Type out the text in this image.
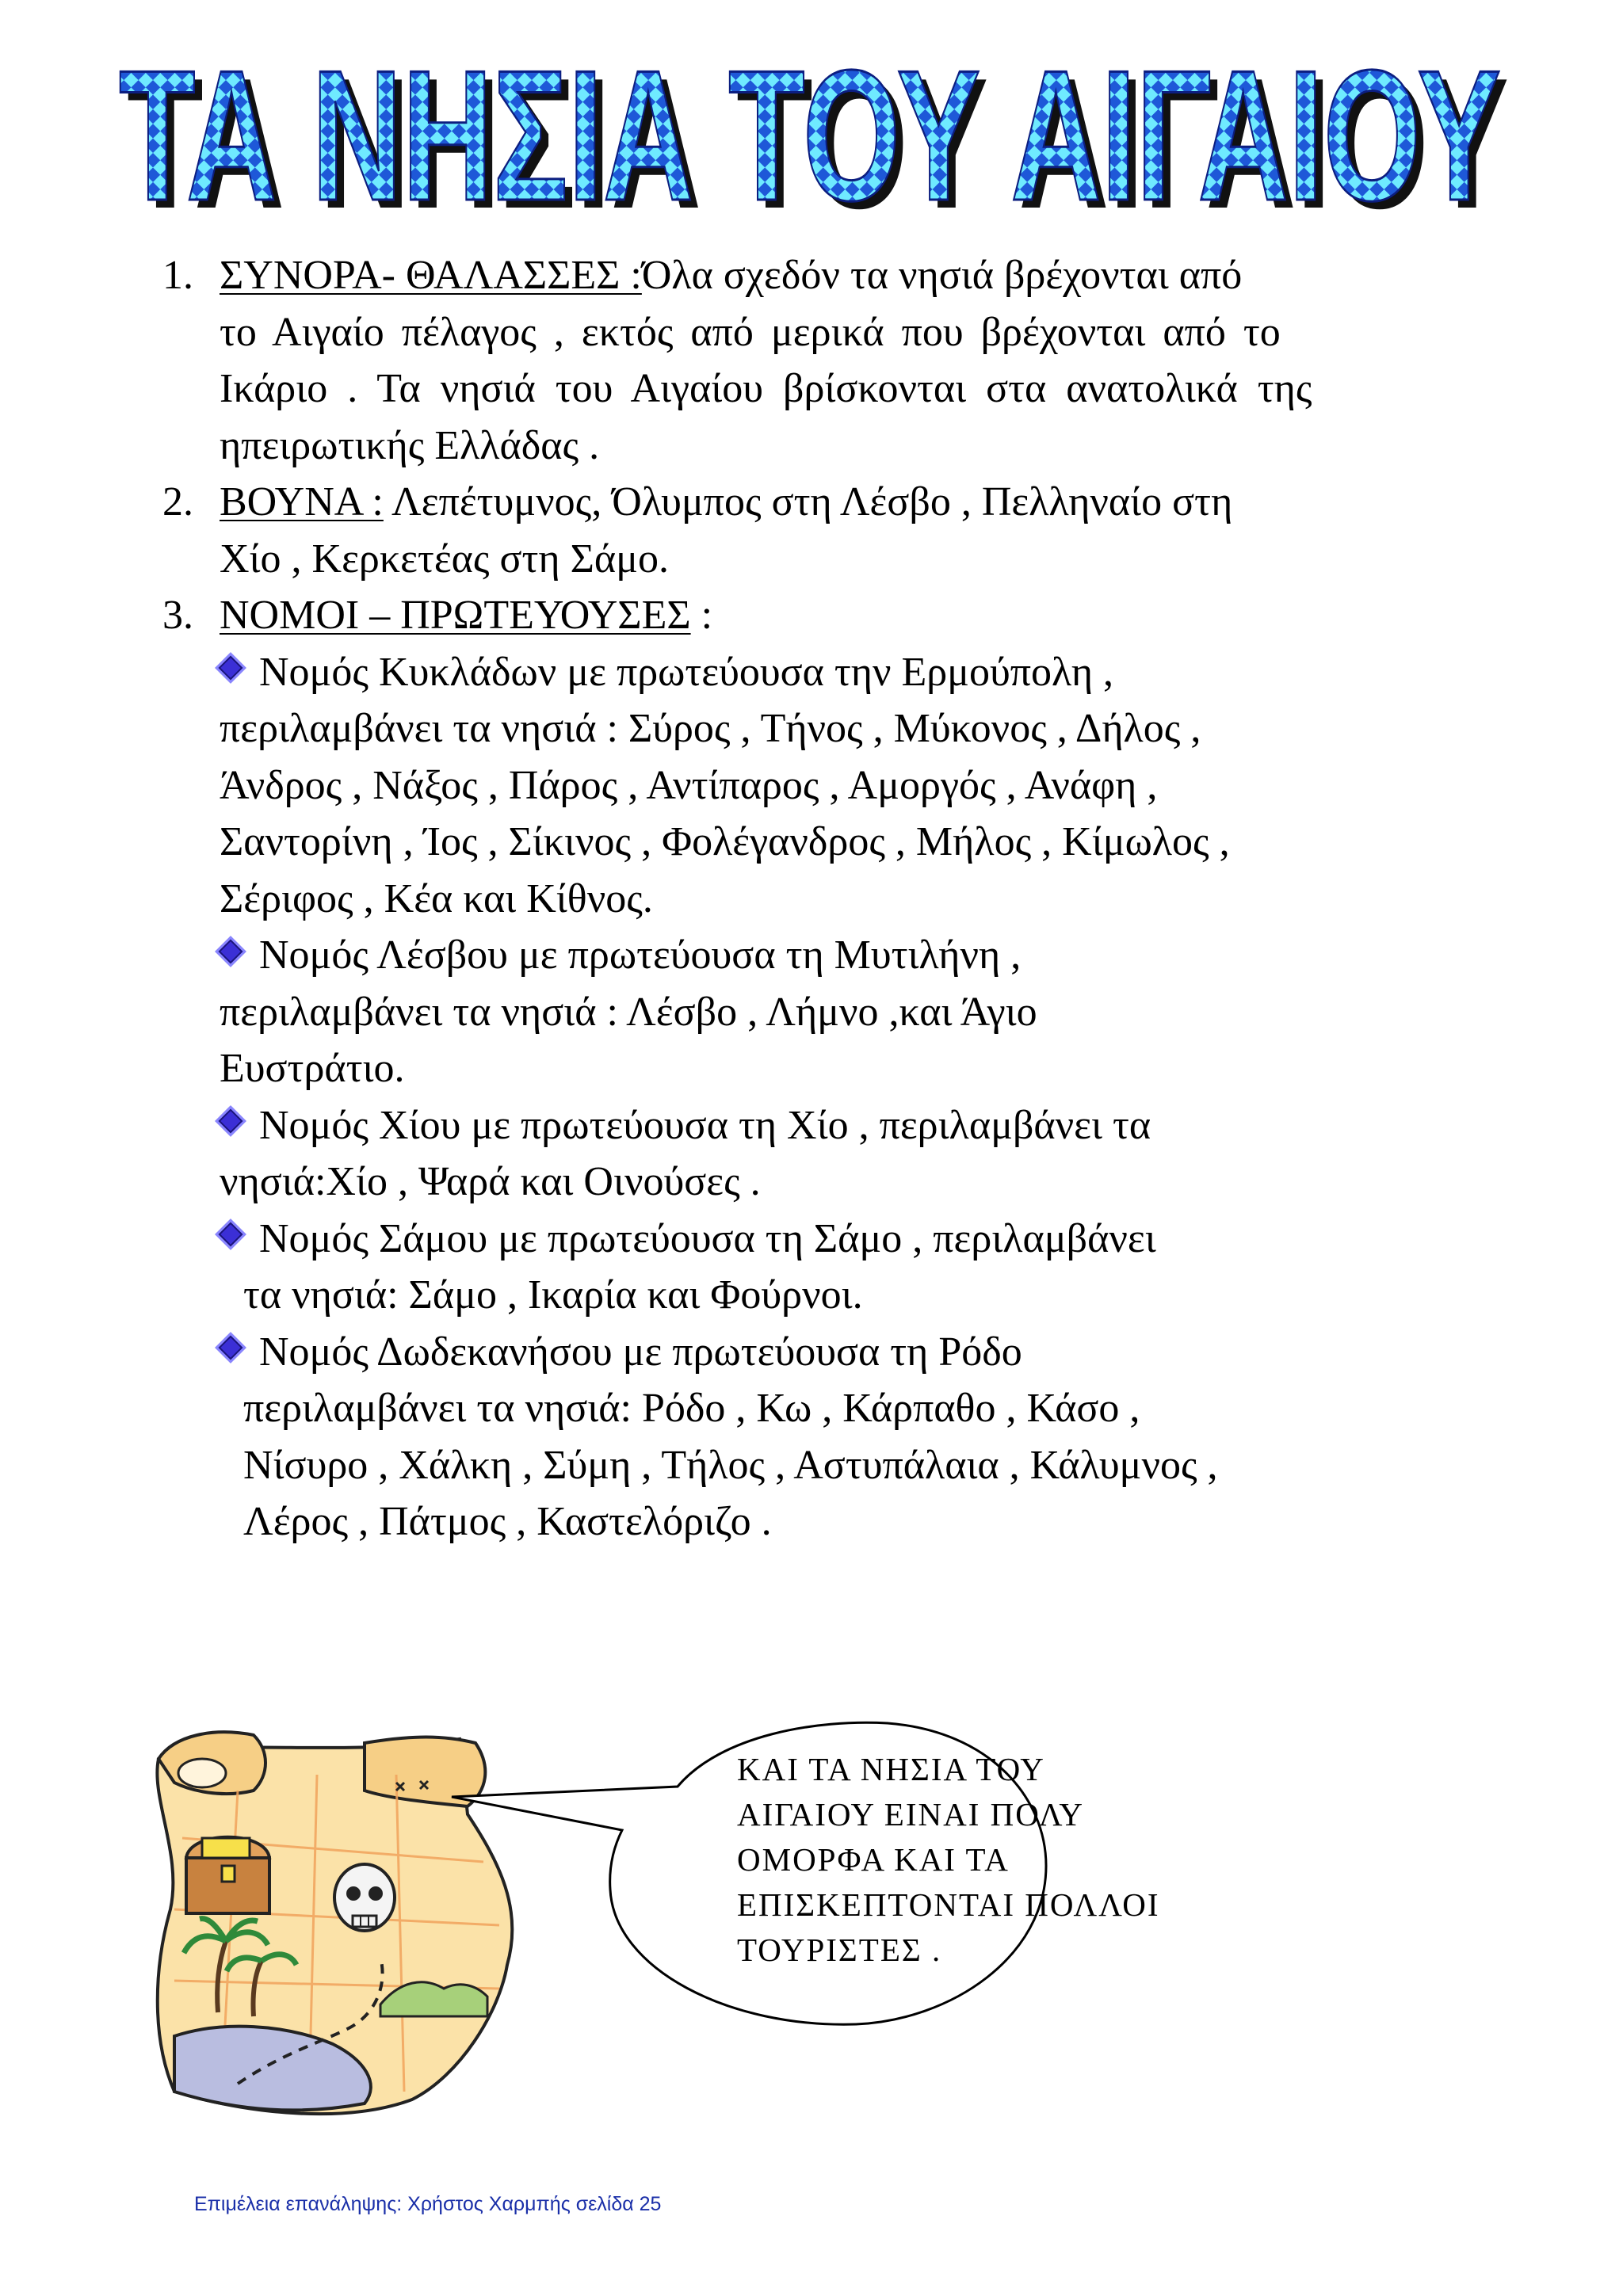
ΤΑ ΝΗΣΙΑ ΤΟΥ ΑΙΓΑΙΟΥ
ΤΑ ΝΗΣΙΑ ΤΟΥ ΑΙΓΑΙΟΥ
1. ΣΥΝΟΡΑ- ΘΑΛΑΣΣΕΣ :Όλα σχεδόν τα νησιά βρέχονται από
το Αιγαίο πέλαγος , εκτός από μερικά που βρέχονται από το
Ικάριο . Τα νησιά του Αιγαίου βρίσκονται στα ανατολικά της
ηπειρωτικής Ελλάδας .
2. ΒΟΥΝΑ : Λεπέτυμνος, Όλυμπος στη Λέσβο , Πελληναίο στη
Χίο , Κερκετέας στη Σάμο.
3. ΝΟΜΟΙ – ΠΡΩΤΕΥΟΥΣΕΣ :
Νομός Κυκλάδων με πρωτεύουσα την Ερμούπολη ,
περιλαμβάνει τα νησιά : Σύρος , Τήνος , Μύκονος , Δήλος ,
Άνδρος , Νάξος , Πάρος , Αντίπαρος , Αμοργός , Ανάφη ,
Σαντορίνη , Ίος , Σίκινος , Φολέγανδρος , Μήλος , Κίμωλος ,
Σέριφος , Κέα και Κίθνος.
Νομός Λέσβου με πρωτεύουσα τη Μυτιλήνη ,
περιλαμβάνει τα νησιά : Λέσβο , Λήμνο ,και Άγιο
Ευστράτιο.
Νομός Χίου με πρωτεύουσα τη Χίο , περιλαμβάνει τα
νησιά:Χίο , Ψαρά και Οινούσες .
Νομός Σάμου με πρωτεύουσα τη Σάμο , περιλαμβάνει
τα νησιά: Σάμο , Ικαρία και Φούρνοι.
Νομός Δωδεκανήσου με πρωτεύουσα τη Ρόδο
περιλαμβάνει τα νησιά: Ρόδο , Κω , Κάρπαθο , Κάσο ,
Νίσυρο , Χάλκη , Σύμη , Τήλος , Αστυπάλαια , Κάλυμνος ,
Λέρος , Πάτμος , Καστελόριζο .
ΚΑΙ ΤΑ ΝΗΣΙΑ ΤΟΥ
ΑΙΓΑΙΟΥ ΕΙΝΑΙ ΠΟΛΥ
ΟΜΟΡΦΑ ΚΑΙ ΤΑ
ΕΠΙΣΚΕΠΤΟΝΤΑΙ ΠΟΛΛΟΙ
ΤΟΥΡΙΣΤΕΣ .
Επιμέλεια επανάληψης: Χρήστος Χαρμπής σελίδα 25
